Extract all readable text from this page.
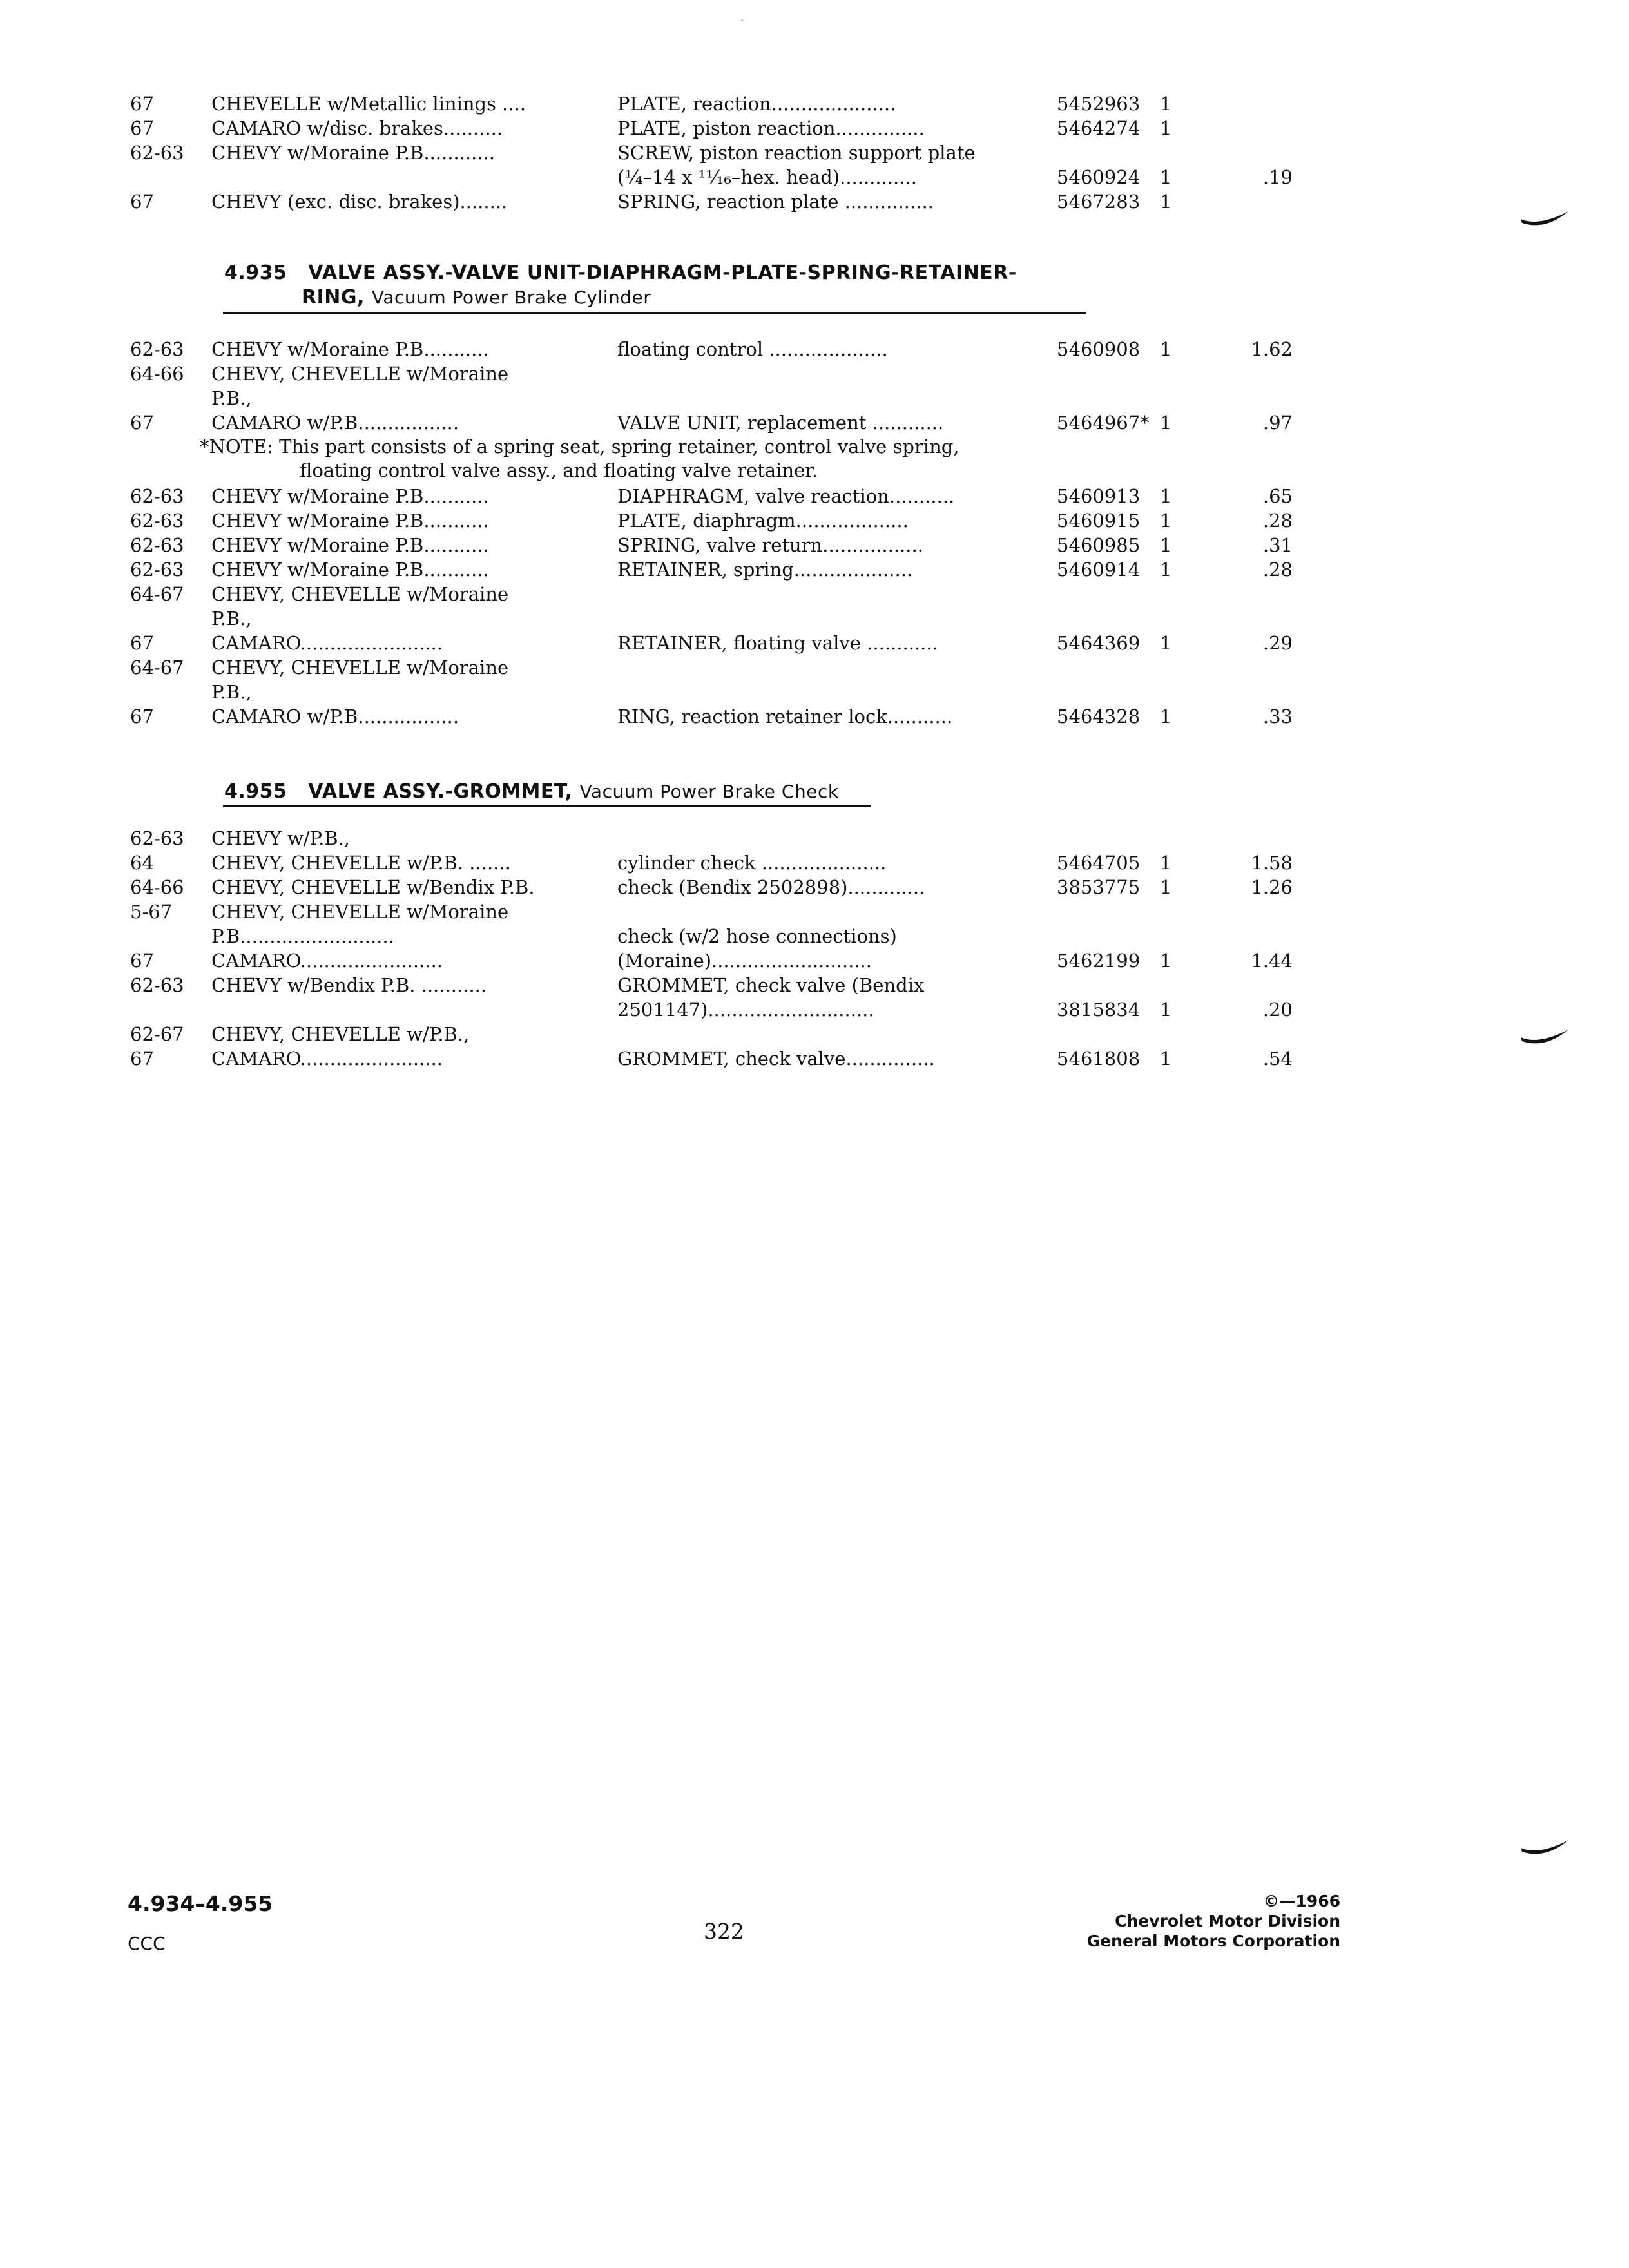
67	CHEVELLE w/Metallic linings ....	PLATE, reaction.....................	5452963 1
67	CAMARO w/disc. brakes..........	PLATE, piston reaction...............	5464274 1
62-63 CHEVY w/Moraine P.B............	SCREW, piston reaction support plate
(¼–14 x ¹¹⁄₁₆–hex. head).............	5460924 1	.19
67	CHEVY (exc. disc. brakes)........	SPRING, reaction plate ...............	5467283 1
4.935 VALVE ASSY.-VALVE UNIT-DIAPHRAGM-PLATE-SPRING-RETAINER-
RING, Vacuum Power Brake Cylinder
62-63 CHEVY w/Moraine P.B...........	floating control ....................	5460908 1	1.62
64-66 CHEVY, CHEVELLE w/Moraine
P.B.,
67	CAMARO w/P.B.................	VALVE UNIT, replacement ............	5464967* 1	.97
*NOTE: This part consists of a spring seat, spring retainer, control valve spring,
floating control valve assy., and floating valve retainer.
62-63 CHEVY w/Moraine P.B...........	DIAPHRAGM, valve reaction...........	5460913 1	.65
62-63 CHEVY w/Moraine P.B...........	PLATE, diaphragm...................	5460915 1	.28
62-63 CHEVY w/Moraine P.B...........	SPRING, valve return.................	5460985 1	.31
62-63 CHEVY w/Moraine P.B...........	RETAINER, spring....................	5460914 1	.28
64-67 CHEVY, CHEVELLE w/Moraine
P.B.,
67	CAMARO........................	RETAINER, floating valve ............	5464369 1	.29
64-67 CHEVY, CHEVELLE w/Moraine
P.B.,
67	CAMARO w/P.B.................	RING, reaction retainer lock...........	5464328 1	.33
4.955 VALVE ASSY.-GROMMET, Vacuum Power Brake Check
62-63 CHEVY w/P.B.,
64	CHEVY, CHEVELLE w/P.B. .......	cylinder check .....................	5464705 1	1.58
64-66 CHEVY, CHEVELLE w/Bendix P.B.	check (Bendix 2502898).............	3853775 1	1.26
5-67 CHEVY, CHEVELLE w/Moraine
P.B..........................	check (w/2 hose connections)
67	CAMARO........................	(Moraine)...........................	5462199 1	1.44
62-63 CHEVY w/Bendix P.B. ...........	GROMMET, check valve (Bendix
2501147)............................	3815834 1	.20
62-67 CHEVY, CHEVELLE w/P.B.,
67	CAMARO........................	GROMMET, check valve...............	5461808 1	.54
4.934–4.955
CCC	322
©—1966
Chevrolet Motor Division
General Motors Corporation
